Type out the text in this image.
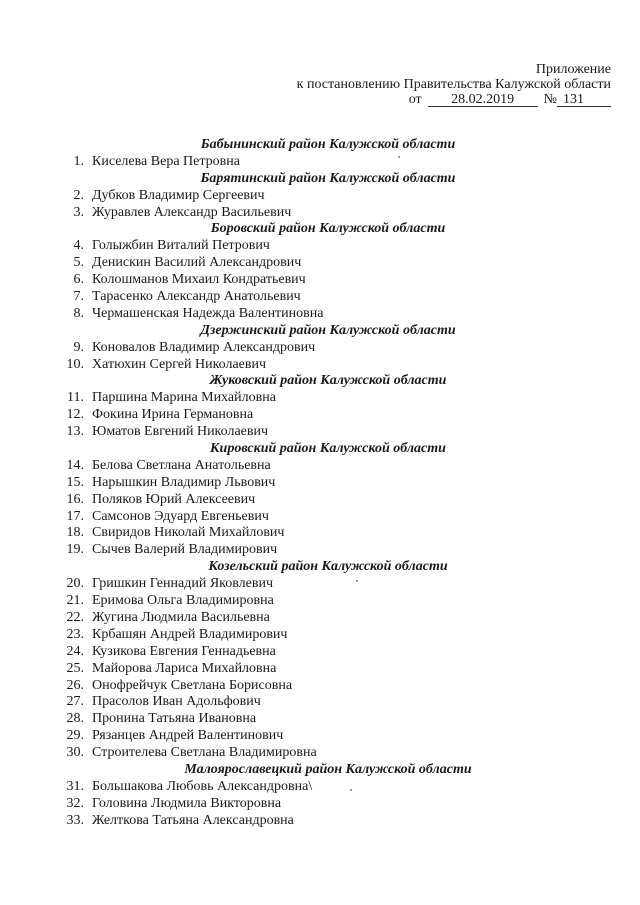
Приложение
к постановлению Правительства Калужской области
от 28.02.2019 № 131
Бабынинский район Калужской области
1. Киселева Вера Петровна
Барятинский район Калужской области
2. Дубков Владимир Сергеевич
3. Журавлев Александр Васильевич
Боровский район Калужской области
4. Голыжбин Виталий Петрович
5. Денискин Василий Александрович
6. Колошманов Михаил Кондратьевич
7. Тарасенко Александр Анатольевич
8. Чермашенская Надежда Валентиновна
Дзержинский район Калужской области
9. Коновалов Владимир Александрович
10. Хатюхин Сергей Николаевич
Жуковский район Калужской области
11. Паршина Марина Михайловна
12. Фокина Ирина Германовна
13. Юматов Евгений Николаевич
Кировский район Калужской области
14. Белова Светлана Анатольевна
15. Нарышкин Владимир Львович
16. Поляков Юрий Алексеевич
17. Самсонов Эдуард Евгеньевич
18. Свиридов Николай Михайлович
19. Сычев Валерий Владимирович
Козельский район Калужской области
20. Гришкин Геннадий Яковлевич
21. Еримова Ольга Владимировна
22. Жугина Людмила Васильевна
23. Крбашян Андрей Владимирович
24. Кузикова Евгения Геннадьевна
25. Майорова Лариса Михайловна
26. Онофрейчук Светлана Борисовна
27. Прасолов Иван Адольфович
28. Пронина Татьяна Ивановна
29. Рязанцев Андрей Валентинович
30. Строителева Светлана Владимировна
Малоярославецкий район Калужской области
31. Большакова Любовь Александровна\
32. Головина Людмила Викторовна
33. Желткова Татьяна Александровна
